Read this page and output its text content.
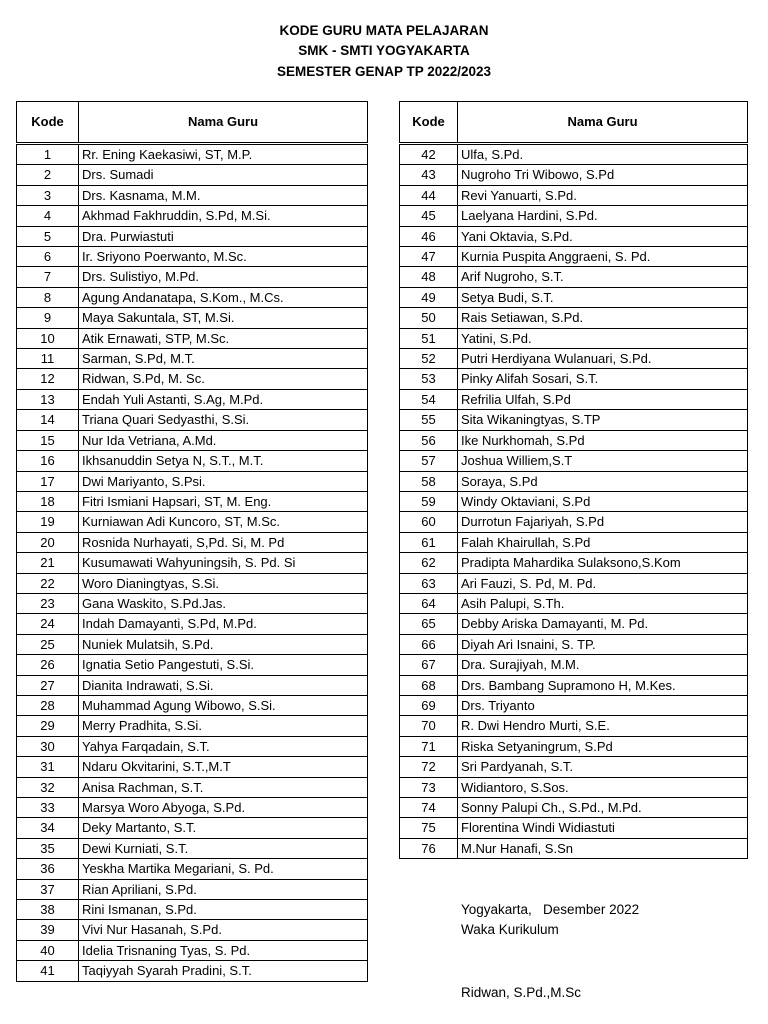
KODE GURU MATA PELAJARAN
SMK - SMTI YOGYAKARTA
SEMESTER GENAP TP 2022/2023
Kode	Nama Guru
1	Rr. Ening Kaekasiwi, ST, M.P.
2	Drs. Sumadi
3	Drs. Kasnama, M.M.
4	Akhmad Fakhruddin, S.Pd, M.Si.
5	Dra. Purwiastuti
6	Ir. Sriyono Poerwanto, M.Sc.
7	Drs. Sulistiyo, M.Pd.
8	Agung Andanatapa, S.Kom., M.Cs.
9	Maya Sakuntala, ST, M.Si.
10	Atik Ernawati, STP, M.Sc.
11	Sarman, S.Pd, M.T.
12	Ridwan, S.Pd, M. Sc.
13	Endah Yuli Astanti, S.Ag, M.Pd.
14	Triana Quari Sedyasthi, S.Si.
15	Nur Ida Vetriana, A.Md.
16	Ikhsanuddin Setya N, S.T., M.T.
17	Dwi Mariyanto, S.Psi.
18	Fitri Ismiani Hapsari, ST, M. Eng.
19	Kurniawan Adi Kuncoro, ST, M.Sc.
20	Rosnida Nurhayati, S,Pd. Si, M. Pd
21	Kusumawati Wahyuningsih, S. Pd. Si
22	Woro Dianingtyas, S.Si.
23	Gana Waskito, S.Pd.Jas.
24	Indah Damayanti, S.Pd, M.Pd.
25	Nuniek Mulatsih, S.Pd.
26	Ignatia Setio Pangestuti, S.Si.
27	Dianita Indrawati, S.Si.
28	Muhammad Agung Wibowo, S.Si.
29	Merry Pradhita, S.Si.
30	Yahya Farqadain, S.T.
31	Ndaru Okvitarini, S.T.,M.T
32	Anisa Rachman, S.T.
33	Marsya Woro Abyoga, S.Pd.
34	Deky Martanto, S.T.
35	Dewi Kurniati, S.T.
36	Yeskha Martika Megariani, S. Pd.
37	Rian Apriliani, S.Pd.
38	Rini Ismanan, S.Pd.
39	Vivi Nur Hasanah, S.Pd.
40	Idelia Trisnaning Tyas, S. Pd.
41	Taqiyyah Syarah Pradini, S.T.
Kode	Nama Guru
42	Ulfa, S.Pd.
43	Nugroho Tri Wibowo, S.Pd
44	Revi Yanuarti, S.Pd.
45	Laelyana Hardini, S.Pd.
46	Yani Oktavia, S.Pd.
47	Kurnia Puspita Anggraeni, S. Pd.
48	Arif Nugroho, S.T.
49	Setya Budi, S.T.
50	Rais Setiawan, S.Pd.
51	Yatini, S.Pd.
52	Putri Herdiyana Wulanuari, S.Pd.
53	Pinky Alifah Sosari, S.T.
54	Refrilia Ulfah, S.Pd
55	Sita Wikaningtyas, S.TP
56	Ike Nurkhomah, S.Pd
57	Joshua Williem,S.T
58	Soraya, S.Pd
59	Windy Oktaviani, S.Pd
60	Durrotun Fajariyah, S.Pd
61	Falah Khairullah, S.Pd
62	Pradipta Mahardika Sulaksono,S.Kom
63	Ari Fauzi, S. Pd, M. Pd.
64	Asih Palupi, S.Th.
65	Debby Ariska Damayanti, M. Pd.
66	Diyah Ari Isnaini, S. TP.
67	Dra. Surajiyah, M.M.
68	Drs. Bambang Supramono H, M.Kes.
69	Drs. Triyanto
70	R. Dwi Hendro Murti, S.E.
71	Riska Setyaningrum, S.Pd
72	Sri Pardyanah, S.T.
73	Widiantoro, S.Sos.
74	Sonny Palupi Ch., S.Pd., M.Pd.
75	Florentina Windi Widiastuti
76	M.Nur Hanafi, S.Sn
Yogyakarta,   Desember 2022
Waka Kurikulum
Ridwan, S.Pd.,M.Sc
